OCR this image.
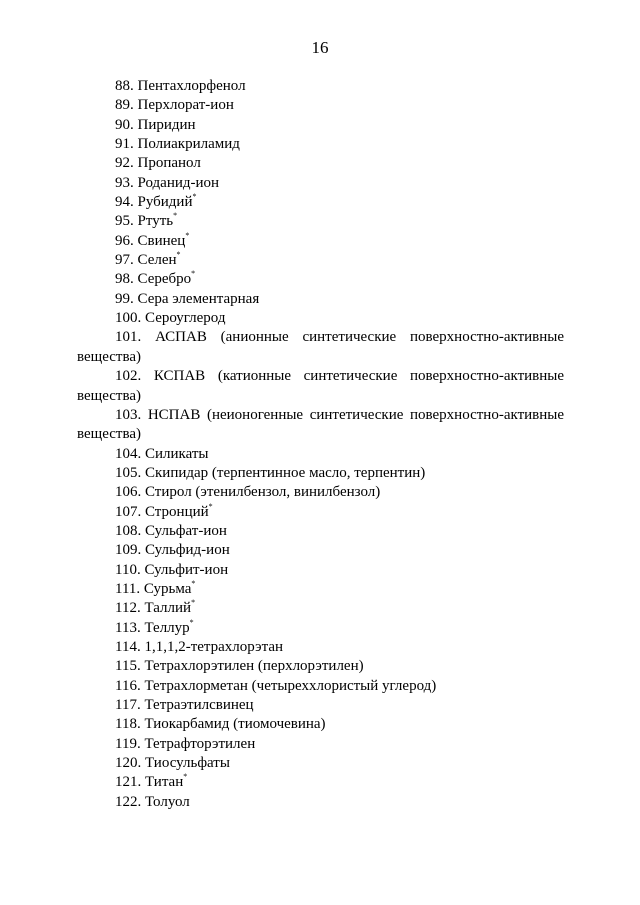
16
88. Пентахлорфенол
89. Перхлорат-ион
90. Пиридин
91. Полиакриламид
92. Пропанол
93. Роданид-ион
94. Рубидий*
95. Ртуть*
96. Свинец*
97. Селен*
98. Серебро*
99. Сера элементарная
100. Сероуглерод
101. АСПАВ (анионные синтетические поверхностно-активные
вещества)
102. КСПАВ (катионные синтетические поверхностно-активные
вещества)
103. НСПАВ (неионогенные синтетические поверхностно-активные
вещества)
104. Силикаты
105. Скипидар (терпентинное масло, терпентин)
106. Стирол (этенилбензол, винилбензол)
107. Стронций*
108. Сульфат-ион
109. Сульфид-ион
110. Сульфит-ион
111. Сурьма*
112. Таллий*
113. Теллур*
114. 1,1,1,2-тетрахлорэтан
115. Тетрахлорэтилен (перхлорэтилен)
116. Тетрахлорметан (четыреххлористый углерод)
117. Тетраэтилсвинец
118. Тиокарбамид (тиомочевина)
119. Тетрафторэтилен
120. Тиосульфаты
121. Титан*
122. Толуол
